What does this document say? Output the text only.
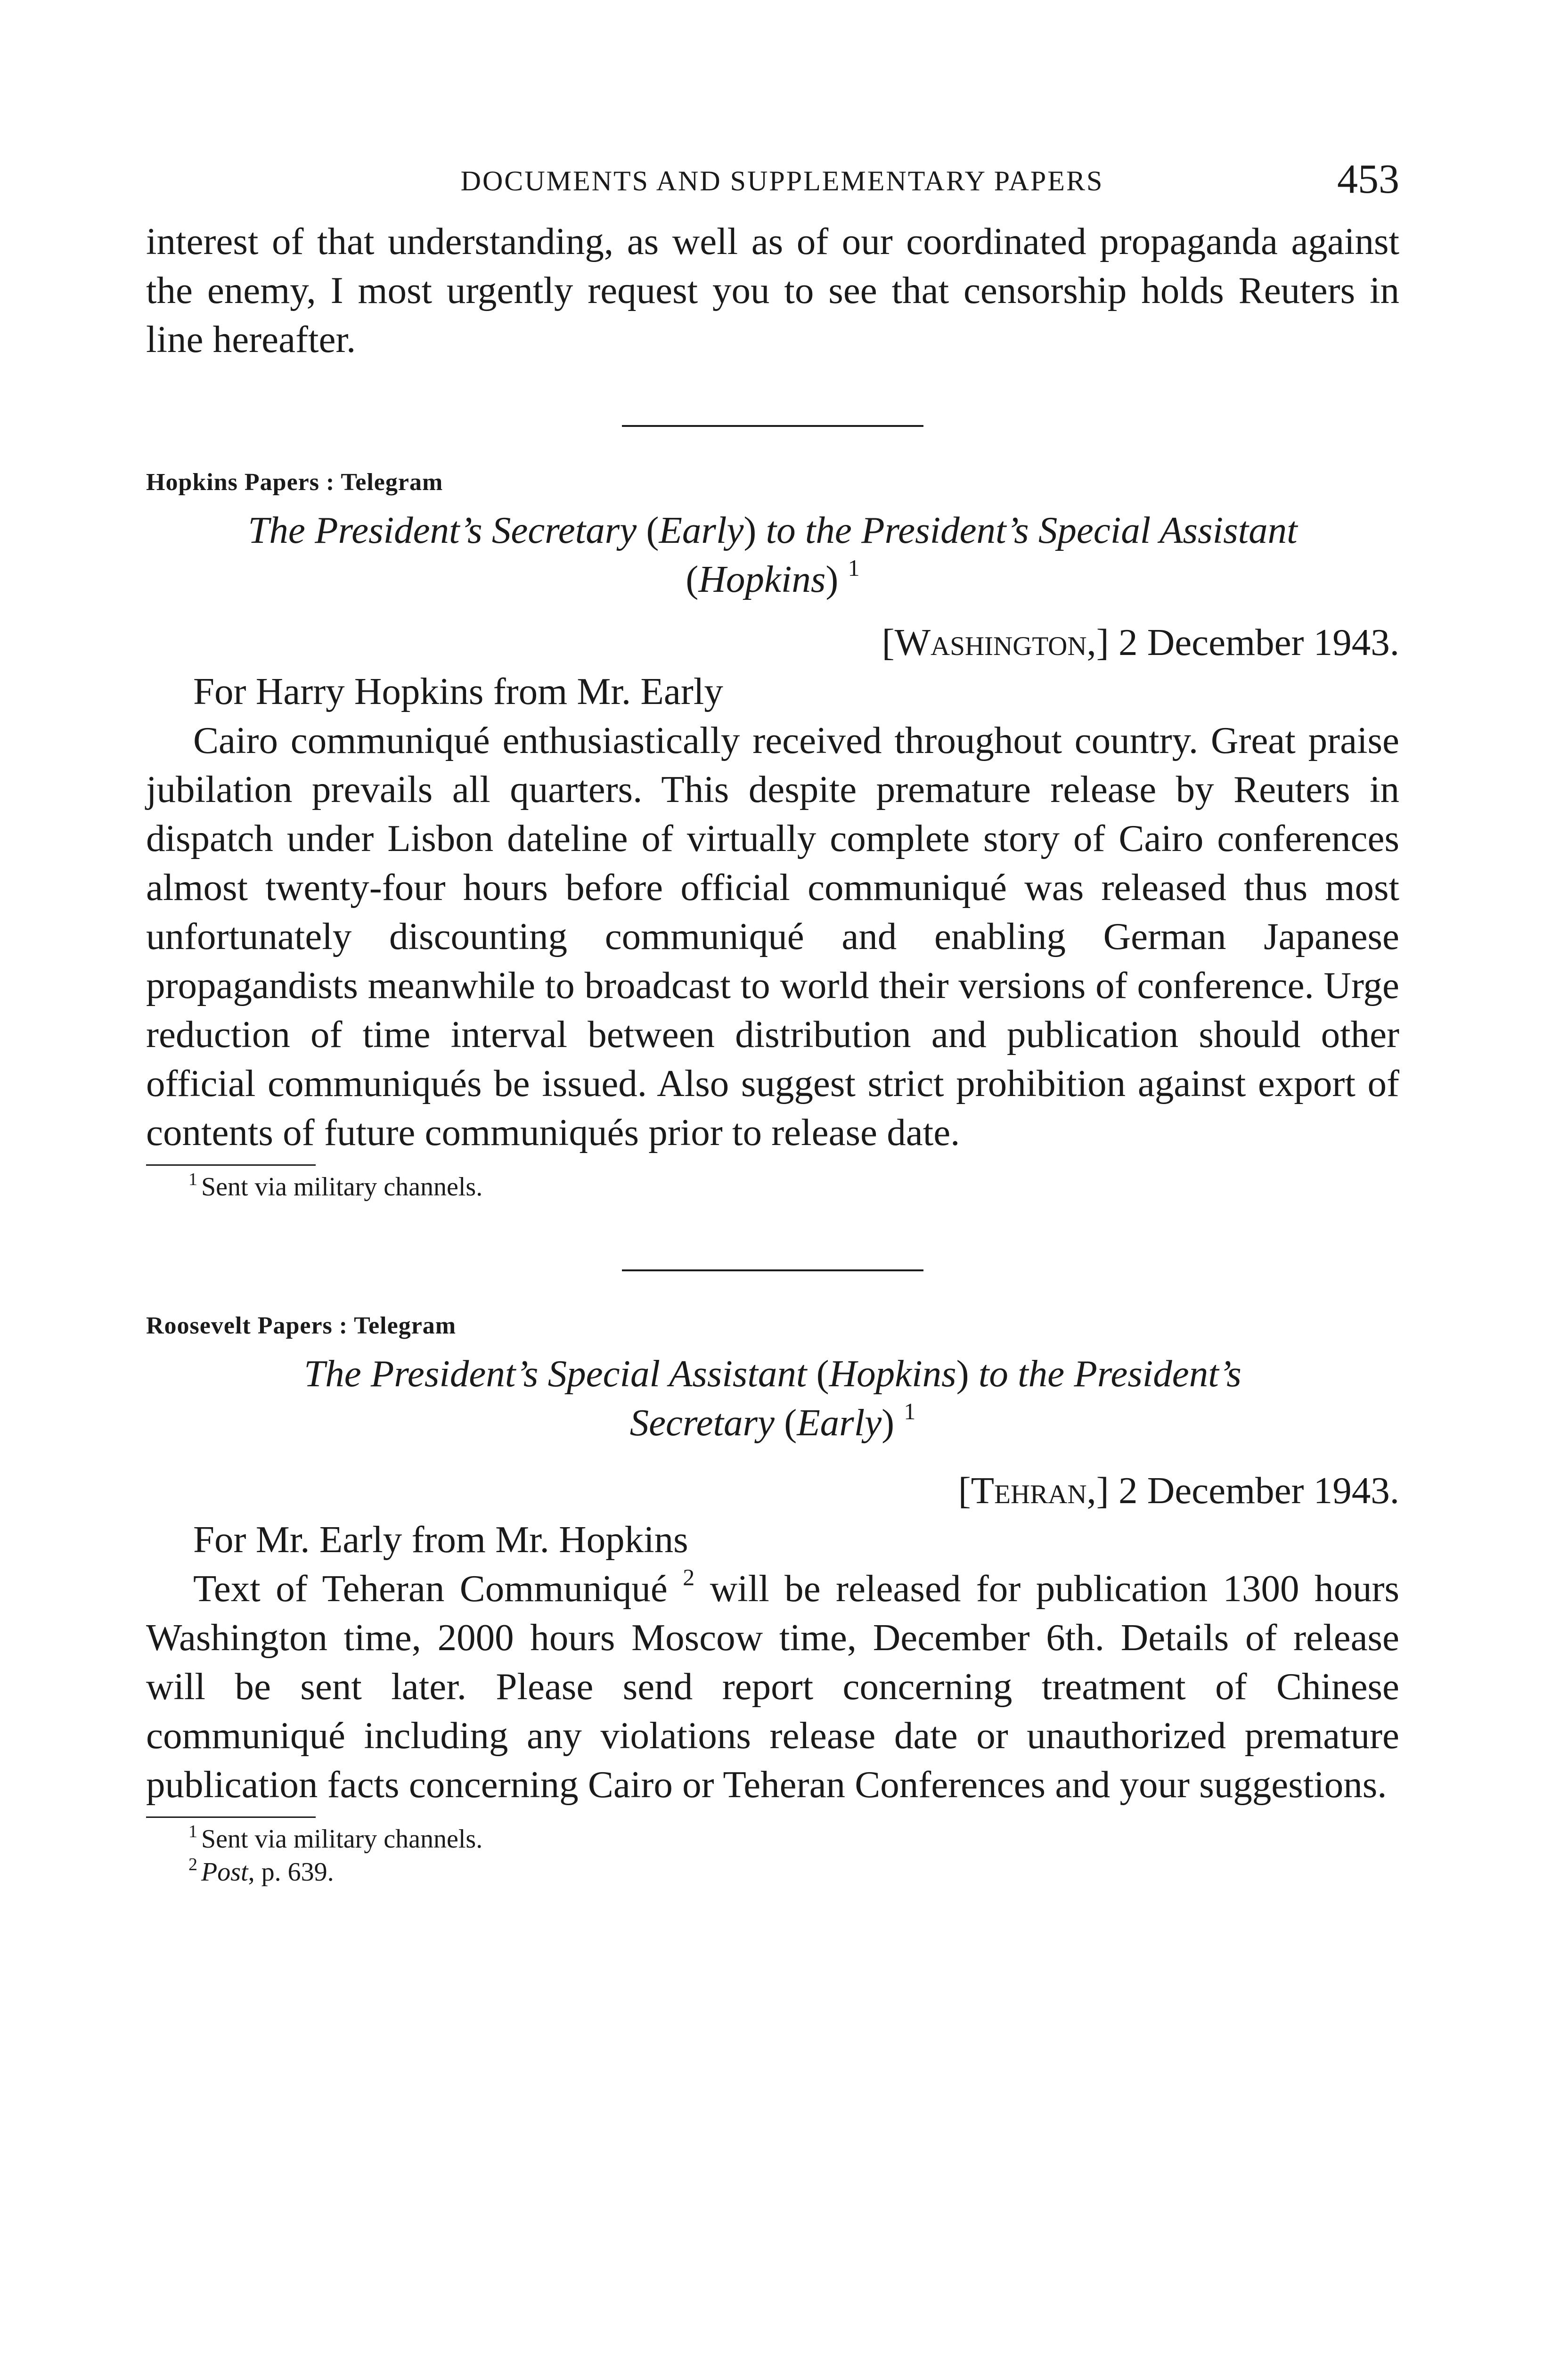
DOCUMENTS AND SUPPLEMENTARY PAPERS	453

interest of that understanding, as well as of our coordinated propaganda against the enemy, I most urgently request you to see that censorship holds Reuters in line hereafter.

Hopkins Papers : Telegram
The President’s Secretary (Early) to the President’s Special Assistant
(Hopkins) $^1$
[Washington,] 2 December 1943.

For Harry Hopkins from Mr. Early

Cairo communiqué enthusiastically received throughout country. Great praise jubilation prevails all quarters. This despite premature release by Reuters in dispatch under Lisbon dateline of virtually complete story of Cairo conferences almost twenty-four hours before official communiqué was released thus most unfortunately discounting communiqué and enabling German Japanese propagandists meanwhile to broadcast to world their versions of conference. Urge reduction of time interval between distribution and publication should other official communiqués be issued. Also suggest strict prohibition against export of contents of future communiqués prior to release date.

$^1$ Sent via military channels.
Roosevelt Papers : Telegram
The President’s Special Assistant (Hopkins) to the President’s
Secretary (Early) $^1$
[Tehran,] 2 December 1943.

For Mr. Early from Mr. Hopkins

Text of Teheran Communiqué $^2$ will be released for publication 1300 hours Washington time, 2000 hours Moscow time, December 6th. Details of release will be sent later. Please send report concerning treatment of Chinese communiqué including any violations release date or unauthorized premature publication facts concerning Cairo or Teheran Conferences and your suggestions.

$^1$ Sent via military channels.
$^2$ Post, p. 639.
